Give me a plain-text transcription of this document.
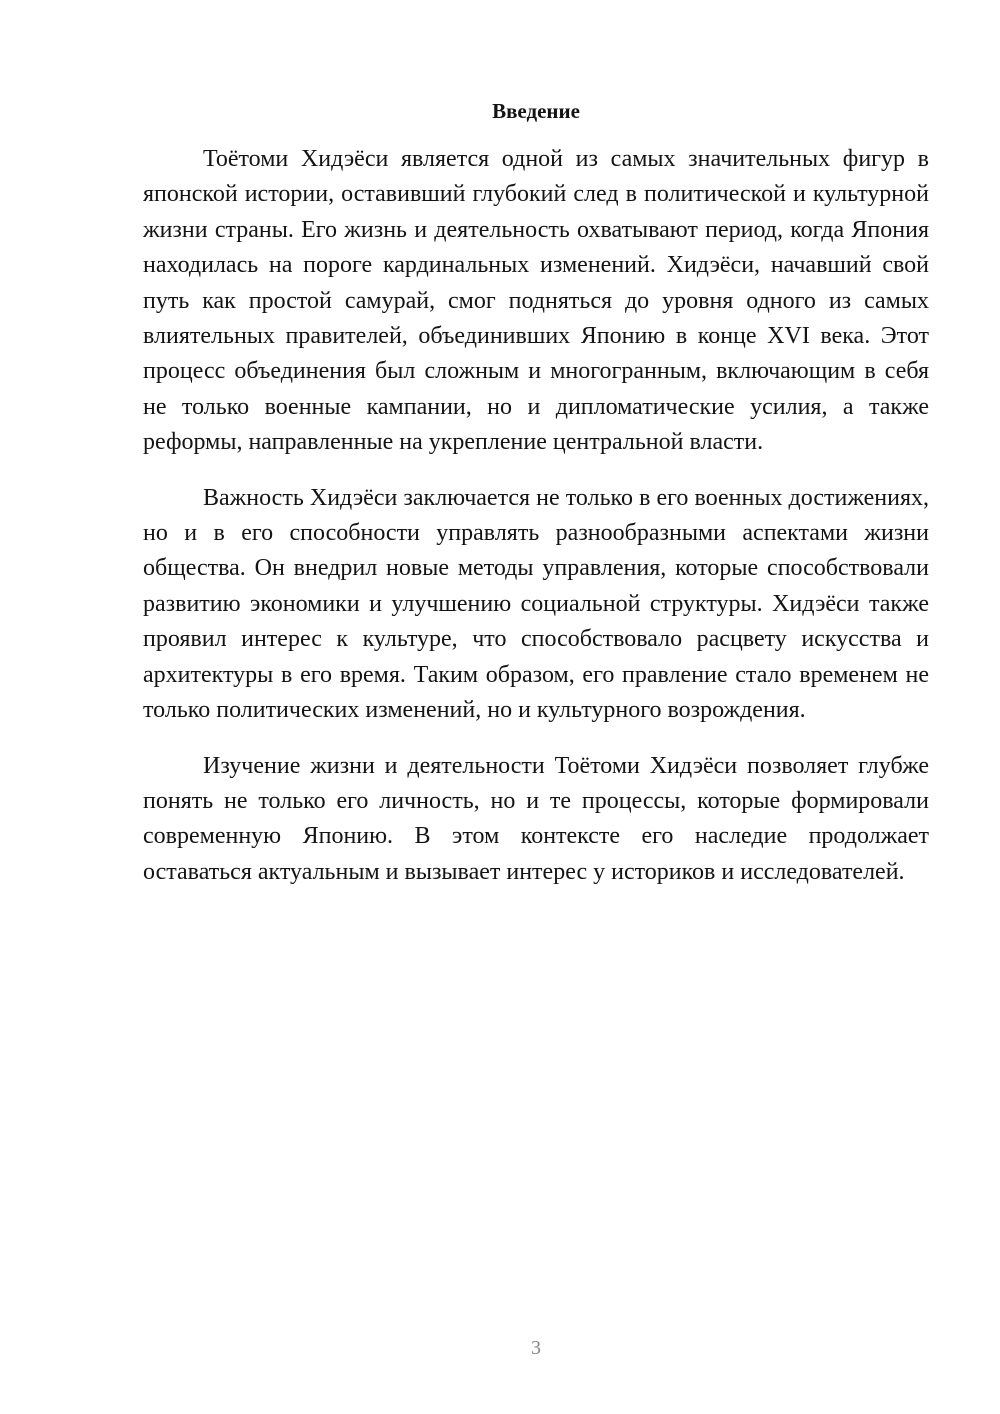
Введение

Тоётоми Хидэёси является одной из самых значительных фигур в японской истории, оставивший глубокий след в политической и культурной жизни страны. Его жизнь и деятельность охватывают период, когда Япония находилась на пороге кардинальных изменений. Хидэёси, начавший свой путь как простой самурай, смог подняться до уровня одного из самых влиятельных правителей, объединивших Японию в конце XVI века. Этот процесс объединения был сложным и многогранным, включающим в себя не только военные кампании, но и дипломатические усилия, а также реформы, направленные на укрепление центральной власти.

Важность Хидэёси заключается не только в его военных достижениях, но и в его способности управлять разнообразными аспектами жизни общества. Он внедрил новые методы управления, которые способствовали развитию экономики и улучшению социальной структуры. Хидэёси также проявил интерес к культуре, что способствовало расцвету искусства и архитектуры в его время. Таким образом, его правление стало временем не только политических изменений, но и культурного возрождения.

Изучение жизни и деятельности Тоётоми Хидэёси позволяет глубже понять не только его личность, но и те процессы, которые формировали современную Японию. В этом контексте его наследие продолжает оставаться актуальным и вызывает интерес у историков и исследователей.

3
